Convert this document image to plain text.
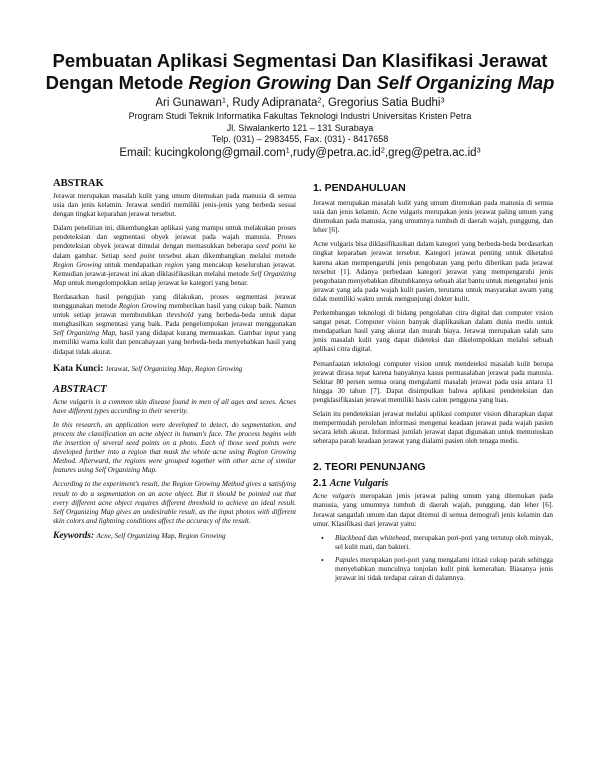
Pembuatan Aplikasi Segmentasi Dan Klasifikasi Jerawat
Dengan Metode Region Growing Dan Self Organizing Map
Ari Gunawan$^1$, Rudy Adipranata$^2$, Gregorius Satia Budhi$^3$
Program Studi Teknik Informatika Fakultas Teknologi Industri Universitas Kristen Petra
Jl. Siwalankerto 121 – 131 Surabaya
Telp. (031) – 2983455, Fax. (031) - 8417658
Email: $kucingkolong@gmail.com^1,rudy@petra.ac.id^2,greg@petra.ac.id^3$
ABSTRAK

Jerawat merupakan masalah kulit yang umum ditemukan pada manusia di semua usia dan jenis kelamin. Jerawat sendiri memiliki jenis-jenis yang berbeda sesuai dengan tingkat keparahan jerawat tersebut.

Dalam penelitian ini, dikembangkan aplikasi yang mampu untuk melakukan proses pendeteksian dan segmentasi obyek jerawat pada wajah manusia. Proses pendeteksian obyek jerawat dimulai dengan memasukkan beberapa seed point ke dalam gambar. Setiap seed point tersebut akan dikembangkan melalui metode Region Growing untuk mendapatkan region yang mencakup keseluruhan jerawat. Kemudian jerawat-jerawat ini akan diklasifikasikan melalui metode Self Organizing Map untuk mengelompokkan setiap jerawat ke kategori yang benar.

Berdasarkan hasil pengujian yang dilakukan, proses segmentasi jerawat menggunakan metode Region Growing memberikan hasil yang cukup baik. Namun untuk setiap jerawat membutuhkan threshold yang berbeda-beda untuk dapat menghasilkan segmentasi yang baik. Pada pengelompokan jerawat menggunakan Self Organizing Map, hasil yang didapat kurang memuaskan. Gambar input yang memiliki warna kulit dan pencahayaan yang berbeda-beda menyebabkan hasil yang didapat tidak akurat.

Kata Kunci: Jerawat, Self Organizing Map, Region Growing

ABSTRACT

Acne vulgaris is a common skin disease found in men of all ages and sexes. Acnes have different types according to their severity.

In this research, an application were developed to detect, do segmentation, and process the classification an acne object in human's face. The process begins with the insertion of several seed points on a photo. Each of those seed points were developed further into a region that mask the whole acne using Region Growing Method. Afterward, the regions were grouped together with other acne of similar features using Self Organizing Map.

According to the experiment's result, the Region Growing Method gives a satisfying result to do a segmentation on an acne object. But it should be pointed out that every different acne object requires different threshold to achieve an ideal result. Self Organizing Map gives an undesirable result, as the input photos with different skin colors and lightning conditions affect the accuracy of the result.

Keywords: Acne, Self Organizing Map, Region Growing

1. PENDAHULUAN

Jerawat merupakan masalah kulit yang umum ditemukan pada manusia di semua usia dan jenis kelamin. Acne vulgaris merupakan jenis jerawat paling umum yang ditemukan pada manusia, yang umumnya tumbuh di daerah wajah, punggung, dan leher [6].

Acne vulgaris bisa diklasifikasikan dalam kategori yang berbeda-beda berdasarkan tingkat keparahan jerawat tersebut. Kategori jerawat penting untuk diketahui karena akan mempengaruhi jenis pengobatan yang perlu diberikan pada jerawat tersebut [1]. Adanya perbedaan kategori jerawat yang mempengaruhi jenis pengobatan menyebabkan dibutuhkannya sebuah alat bantu untuk mengetahui jenis jerawat yang ada pada wajah kulit pasien, terutama untuk masyarakat awam yang tidak memiliki waktu untuk mengunjungi dokter kulit.

Perkembangan teknologi di bidang pengolahan citra digital dan computer vision sangat pesat. Computer vision banyak diaplikasikan dalam dunia medis untuk mendapatkan hasil yang akurat dan murah biaya. Jerawat merupakan salah satu jenis masalah kulit yang dapat dideteksi dan dikelompokkan melalui sebuah aplikasi citra digital.

Pemanfaatan teknologi computer vision untuk mendeteksi masalah kulit berupa jerawat dirasa tepat karena banyaknya kasus permasalahan jerawat pada manusia. Sekitar 80 persen semua orang mengalami masalah jerawat pada usia antara 11 hingga 30 tahun [7]. Dapat disimpulkan bahwa aplikasi pendeteksian dan pengklasifikasian jerawat memiliki basis calon pengguna yang luas.

Selain itu pendeteksian jerawat melalui aplikasi computer vision diharapkan dapat mempermudah perolehan informasi mengenai keadaan jerawat pada wajah pasien secara lebih akurat. Informasi jumlah jerawat dapat digunakan untuk memutuskan seberapa parah keadaan jerawat yang dialami pasien oleh tenaga medis.

2. TEORI PENUNJANG
2.1 Acne Vulgaris

Acne vulgaris merupakan jenis jerawat paling umum yang ditemukan pada manusia, yang umumnya tumbuh di daerah wajah, punggung, dan leher [6]. Jerawat sangatlah umum dan dapat ditemui di semua demografi jenis kelamin dan umur. Klasifikasi dari jerawat yaitu:

• Blackhead dan whitehead, merupakan pori-pori yang tertutup oleh minyak, sel kulit mati, dan bakteri.
• Papules merupakan pori-pori yang mengalami iritasi cukup parah sehingga menyebabkan munculnya tonjolan kulit pink kemerahan. Biasanya jenis jerawat ini tidak terdapat cairan di dalamnya.
